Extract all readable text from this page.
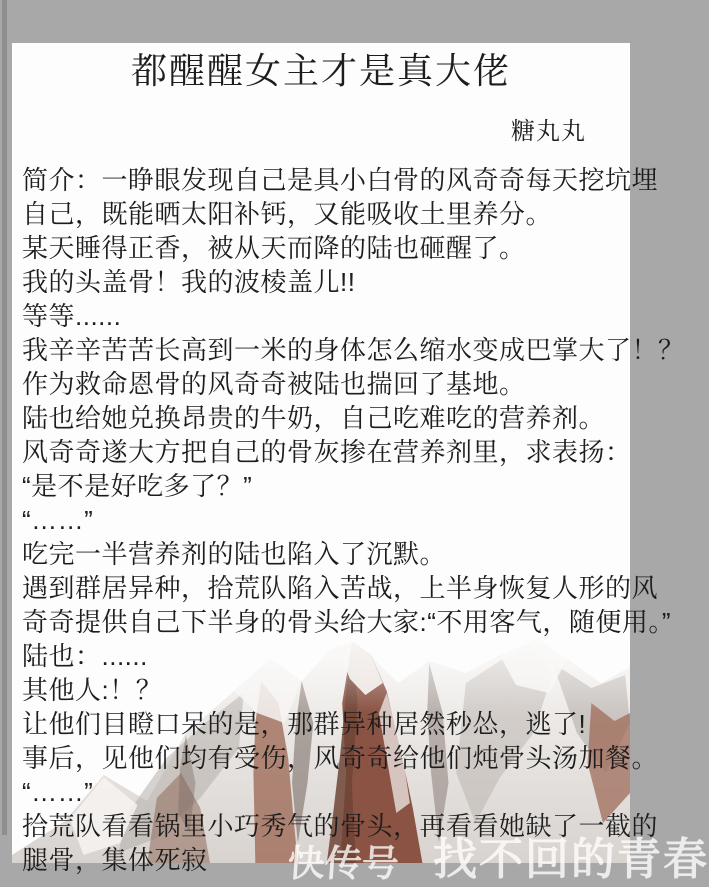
都醒醒女主才是真大佬
糖丸丸
简介：一睁眼发现自己是具小白骨的风奇奇每天挖坑埋
自己，既能晒太阳补钙，又能吸收土里养分。
某天睡得正香，被从天而降的陆也砸醒了。
我的头盖骨！我的波棱盖儿!!
等等......
我辛辛苦苦长高到一米的身体怎么缩水变成巴掌大了！？
作为救命恩骨的风奇奇被陆也揣回了基地。
陆也给她兑换昂贵的牛奶，自己吃难吃的营养剂。
风奇奇遂大方把自己的骨灰掺在营养剂里，求表扬：
“是不是好吃多了？”
“……”
吃完一半营养剂的陆也陷入了沉默。
遇到群居异种，拾荒队陷入苦战，上半身恢复人形的风
奇奇提供自己下半身的骨头给大家:“不用客气，随便用。”
陆也：......
其他人:！？
让他们目瞪口呆的是，那群异种居然秒怂，逃了!
事后，见他们均有受伤，风奇奇给他们炖骨头汤加餐。
“……”
拾荒队看看锅里小巧秀气的骨头，再看看她缺了一截的
腿骨，集体死寂	快传号 找不回的青春
